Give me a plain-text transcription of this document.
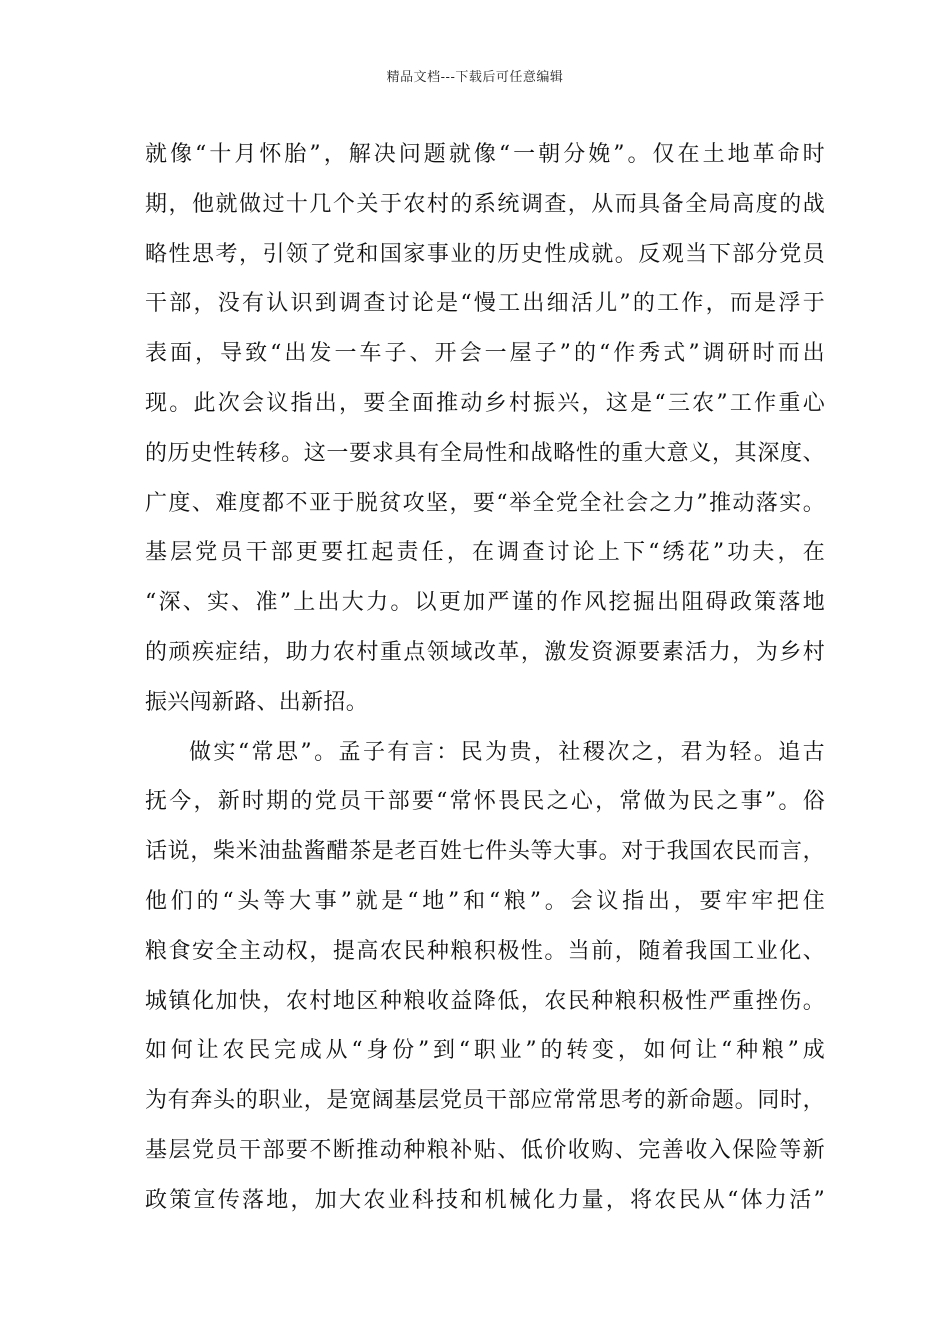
精品文档---下载后可任意编辑
就像“十月怀胎”，解决问题就像“一朝分娩”。仅在土地革命时
期，他就做过十几个关于农村的系统调查，从而具备全局高度的战
略性思考，引领了党和国家事业的历史性成就。反观当下部分党员
干部，没有认识到调查讨论是“慢工出细活儿”的工作，而是浮于
表面，导致“出发一车子、开会一屋子”的“作秀式”调研时而出
现。此次会议指出，要全面推动乡村振兴，这是“三农”工作重心
的历史性转移。这一要求具有全局性和战略性的重大意义，其深度、
广度、难度都不亚于脱贫攻坚，要“举全党全社会之力”推动落实。
基层党员干部更要扛起责任，在调查讨论上下“绣花”功夫，在
“深、实、准”上出大力。以更加严谨的作风挖掘出阻碍政策落地
的顽疾症结，助力农村重点领域改革，激发资源要素活力，为乡村
振兴闯新路、出新招。
做实“常思”。孟子有言：民为贵，社稷次之，君为轻。追古
抚今，新时期的党员干部要“常怀畏民之心，常做为民之事”。俗
话说，柴米油盐酱醋茶是老百姓七件头等大事。对于我国农民而言，
他们的“头等大事”就是“地”和“粮”。会议指出，要牢牢把住
粮食安全主动权，提高农民种粮积极性。当前，随着我国工业化、
城镇化加快，农村地区种粮收益降低，农民种粮积极性严重挫伤。
如何让农民完成从“身份”到“职业”的转变，如何让“种粮”成
为有奔头的职业，是宽阔基层党员干部应常常思考的新命题。同时，
基层党员干部要不断推动种粮补贴、低价收购、完善收入保险等新
政策宣传落地，加大农业科技和机械化力量，将农民从“体力活”
